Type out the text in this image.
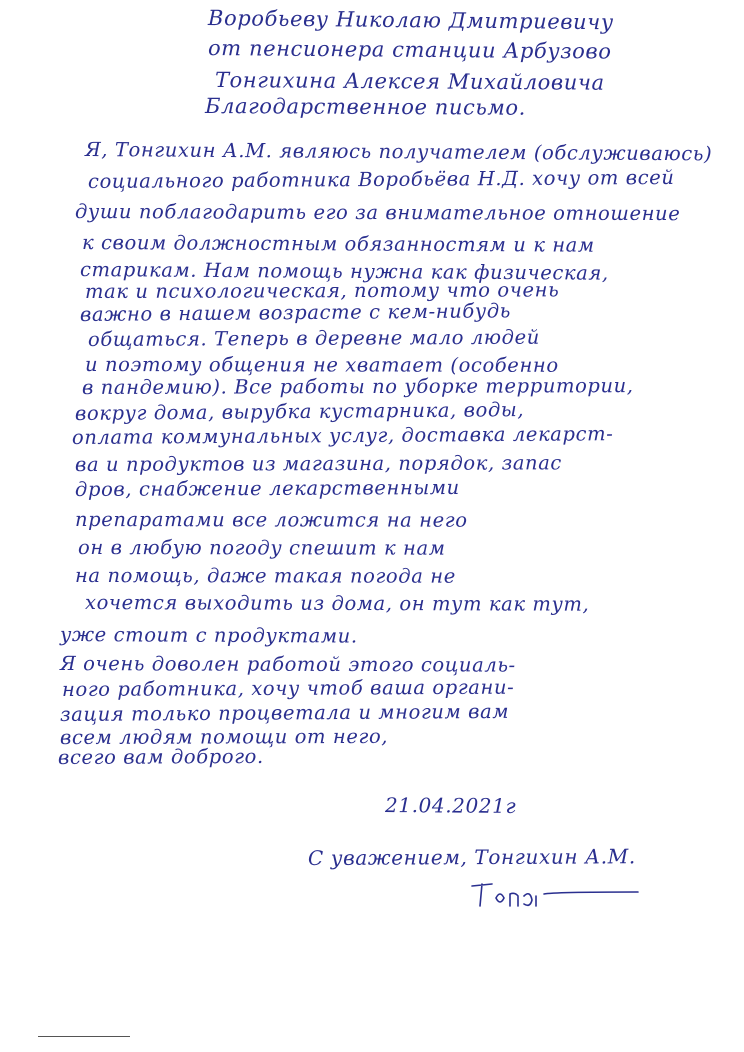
Воробьеву Николаю Дмитриевичу
от пенсионера станции Арбузово
Тонгихина Алексея Михайловича
Благодарственное письмо.
Я, Тонгихин А.М. являюсь получателем (обслуживаюсь)
социального работника Воробьёва Н.Д. хочу от всей
души поблагодарить его за внимательное отношение
к своим должностным обязанностям и к нам
старикам. Нам помощь нужна как физическая,
так и психологическая, потому что очень
важно в нашем возрасте с кем-нибудь
общаться. Теперь в деревне мало людей
и поэтому общения не хватает (особенно
в пандемию). Все работы по уборке территории,
вокруг дома, вырубка кустарника, воды,
оплата коммунальных услуг, доставка лекарст-
ва и продуктов из магазина, порядок, запас
дров, снабжение лекарственными
препаратами все ложится на него
он в любую погоду спешит к нам
на помощь, даже такая погода не
хочется выходить из дома, он тут как тут,
уже стоит с продуктами.
Я очень доволен работой этого социаль-
ного работника, хочу чтоб ваша органи-
зация только процветала и многим вам
всем людям помощи от него,
всего вам доброго.
21.04.2021г
С уважением, Тонгихин А.М.
